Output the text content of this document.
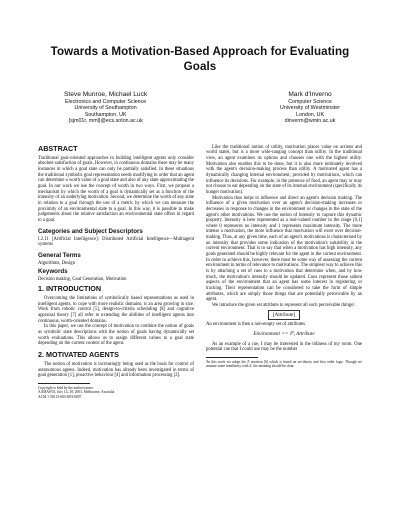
Towards a Motivation-Based Approach for Evaluating
Goals
Steve Munroe, Michael Luck
Electronics and Computer Science
University of Southampton
Southampton, UK
{sjm01r, mml}@ecs.soton.ac.uk
Mark d'Inverno
Computer Science
University of Westminster
London, UK
dinverm@wmin.ac.uk
ABSTRACT

Traditional goal-oriented approaches to building intelligent agents only consider absolute satisfaction of goals. However, in continuous domains there may be many instances in which a goal state can only be partially satisfied. In these situations the traditional symbolic goal representation needs modifying in order that an agent can determine a worth value of a goal state and also of any state approximating the goal. In our work we use the concept of worth in two ways. First, we propose a mechanism by which the worth of a goal is dynamically set as a function of the intensity of an underlying motivation. Second, we determine the worth of any state in relation to a goal through the use of a metric by which we can measure the proximity of an environmental state to a goal. In this way, it is possible to make judgements about the relative satisfaction an environmental state offers in regard to a goal.

Categories and Subject Descriptors

I.2.11 [Artificial Intelligence]: Distributed Artificial Intelligence—Multiagent systems

General Terms

Algorithms, Design

Keywords

Decision making, Goal Generation, Motivation

1. INTRODUCTION

Overcoming the limitations of symbolically based representations as used in intelligent agents, to cope with more realistic domains, is an area growing in size. Work from robotic control [5], design-to-criteria scheduling [8] and cognitive appraisal theory [7] all refer to extending the abilities of intelligent agents into continuous, worth-oriented domains.

In this paper, we use the concept of motivation to combine the notion of goals as symbolic state descriptions with the notion of goals having dynamically set worth evaluations. This allows us to assign different values to a goal state depending on the current context of the agent.

2. MOTIVATED AGENTS

The notion of motivation is increasingly being used as the basis for control of autonomous agents. Indeed, motivation has already been investigated in terms of goal generation [1], proactive behaviour [4] and information processing [2].

Copyright is held by the author/owner.
AAMAS'03, July 14–18, 2003, Melbourne, Australia.
ACM 1-58113-683-8/03/0007.

Like the traditional notion of utility, motivation places value on actions and world states, but is a more wide-ranging concept than utility. In the traditional view, an agent examines its options and chooses one with the highest utility. Motivation also enables this to be done, but it is also more intimately involved with the agent's decision-making process than utility. A motivated agent has a dynamically changing internal environment, provided by motivations, which can influence its decisions. For example, in the presence of food, an agent may or may not choose to eat depending on the state of its internal environment (specifically its hunger motivation).

Motivation thus helps to influence and direct an agent's decision making. The influence of a given motivation over an agent's decision-making increases or decreases in response to changes in the environment or changes in the state of the agent's other motivations. We use the notion of intensity to capture this dynamic property. Intensity is here represented as a real-valued number in the range [0,1] where 0 represents no intensity and 1 represents maximum intensity. The more intense a motivation, the more influence that motivation will exert over decision-making. Thus, at any given time, each of an agent's motivations is characterised by an intensity that provides some indication of the motivation's suitability in the current environment. That is to say that when a motivation has high intensity, any goals generated should be highly relevant for the agent in the current environment. In order to achieve this, however, there must be some way of assessing the current environment in terms of relevance to motivations. The simplest way to achieve this is by attaching a set of cues to a motivation that determine when, and by how much, the motivation's intensity should be updated. Cues represent those salient aspects of the environment that an agent has some interest in registering or tracking. Their representation can be considered to take the form of simple attributes, which are simply those things that are potentially perceivable by an agent.

We introduce the given set attribute to represent all such perceivable things¹.

[Attribute]

An environment is then a non-empty set of attributes.

Environment == ℙ₁ Attribute

As an example of a cue, I may be interested in the tidiness of my room. One potential cue that I could use may be the number

¹In this work we adopt the Z notation [6] which is based on set-theory and first order logic. Though we assume some familiarity with Z, the meaning should be clear.
